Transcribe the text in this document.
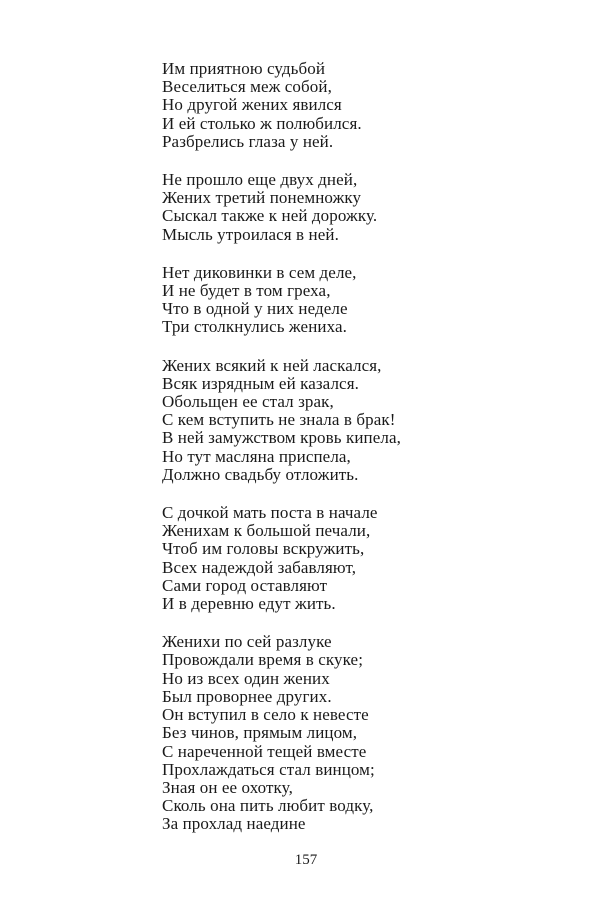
Им приятною судьбой
Веселиться меж собой,
Но другой жених явился
И ей столько ж полюбился.
Разбрелись глаза у ней.
Не прошло еще двух дней,
Жених третий понемножку
Сыскал также к ней дорожку.
Мысль утроилася в ней.
Нет диковинки в сем деле,
И не будет в том греха,
Что в одной у них неделе
Три столкнулись жениха.
Жених всякий к ней ласкался,
Всяк изрядным ей казался.
Обольщен ее стал зрак,
С кем вступить не знала в брак!
В ней замужством кровь кипела,
Но тут масляна приспела,
Должно свадьбу отложить.
С дочкой мать поста в начале
Женихам к большой печали,
Чтоб им головы вскружить,
Всех надеждой забавляют,
Сами город оставляют
И в деревню едут жить.
Женихи по сей разлуке
Провождали время в скуке;
Но из всех один жених
Был проворнее других.
Он вступил в село к невесте
Без чинов, прямым лицом,
С нареченной тещей вместе
Прохлаждаться стал винцом;
Зная он ее охотку,
Сколь она пить любит водку,
За прохлад наедине
157
